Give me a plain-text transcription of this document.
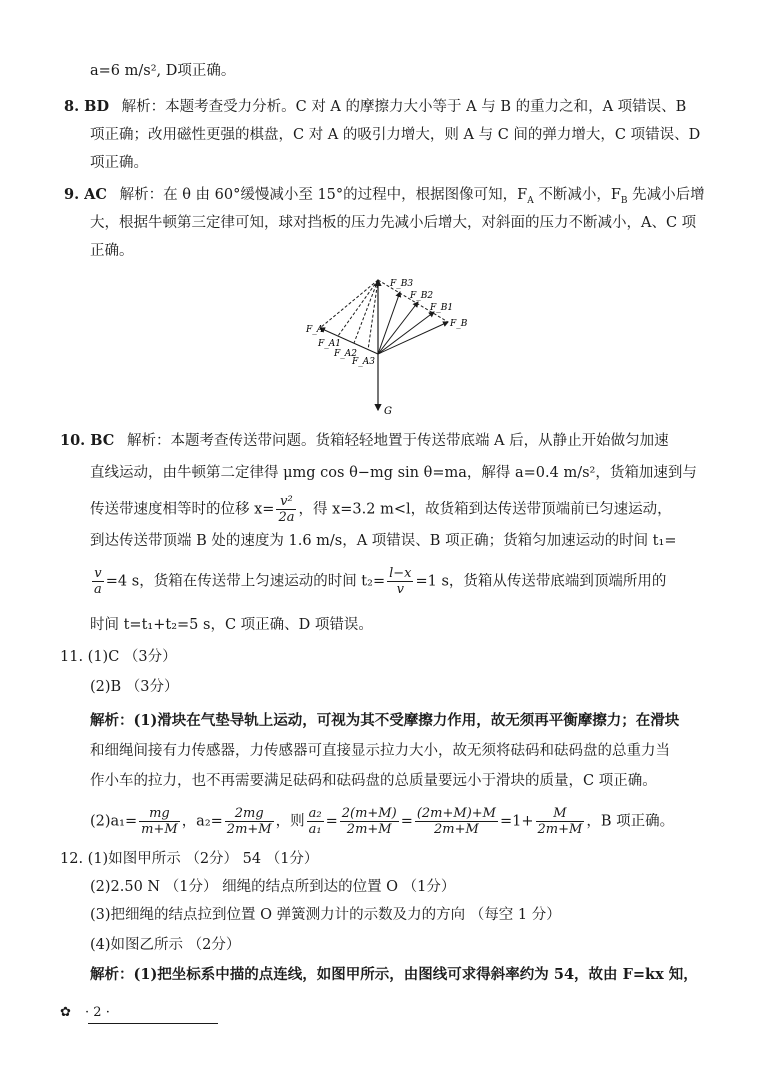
a=6 m/s², D项正确。
8. BD 解析：本题考查受力分析。C 对 A 的摩擦力大小等于 A 与 B 的重力之和，A 项错误、B
项正确；改用磁性更强的棋盘，C 对 A 的吸引力增大，则 A 与 C 间的弹力增大，C 项错误、D
项正确。
9. AC 解析：在 θ 由 60°缓慢减小至 15°的过程中，根据图像可知，$F_A$ 不断减小，$F_B$ 先减小后增
大，根据牛顿第三定律可知，球对挡板的压力先减小后增大，对斜面的压力不断减小，A、C 项
正确。
F_B3
F_B2
F_B1
F_B
F_A
F_A1
F_A2
F_A3
G
10. BC 解析：本题考查传送带问题。货箱轻轻地置于传送带底端 A 后，从静止开始做匀加速
直线运动，由牛顿第二定律得 μmg cos θ−mg sin θ=ma，解得 a=0.4 m/s²，货箱加速到与
传送带速度相等时的位移 $x= \frac{\text{v²}}{2a}$ ，得 x=3.2 m<l，故货箱到达传送带顶端前已匀速运动，
到达传送带顶端 B 处的速度为 1.6 m/s，A 项错误、B 项正确；货箱匀加速运动的时间 t₁=
$\frac{v}{a} =4$ s，货箱在传送带上匀速运动的时间 $t_2= \frac{l-x}{v} =1$ s，货箱从传送带底端到顶端所用的
时间 t=t₁+t₂=5 s，C 项正确、D 项错误。
11. (1)C （3分）
(2)B （3分）
解析：(1)滑块在气垫导轨上运动，可视为其不受摩擦力作用，故无须再平衡摩擦力；在滑块
和细绳间接有力传感器，力传感器可直接显示拉力大小，故无须将砝码和砝码盘的总重力当
作小车的拉力，也不再需要满足砝码和砝码盘的总质量要远小于滑块的质量，C 项正确。
$(2)a_1= \frac{mg}{m+M}$ ，$a_2= \frac{2mg}{2m+M}$ ，则 $\frac{\text{a₂}}{\text{a₁}} = \frac{2(m+M)}{2m+M} = \frac{(2m+M)+M}{2m+M} =1+ \frac{M}{2m+M}$ ，B 项正确。
12. (1)如图甲所示 （2分） 54 （1分）
(2)2.50 N （1分） 细绳的结点所到达的位置 O （1分）
(3)把细绳的结点拉到位置 O 弹簧测力计的示数及力的方向 （每空 1 分）
(4)如图乙所示 （2分）
解析：(1)把坐标系中描的点连线，如图甲所示，由图线可求得斜率约为 54，故由 F=kx 知，
✿ · 2 ·
